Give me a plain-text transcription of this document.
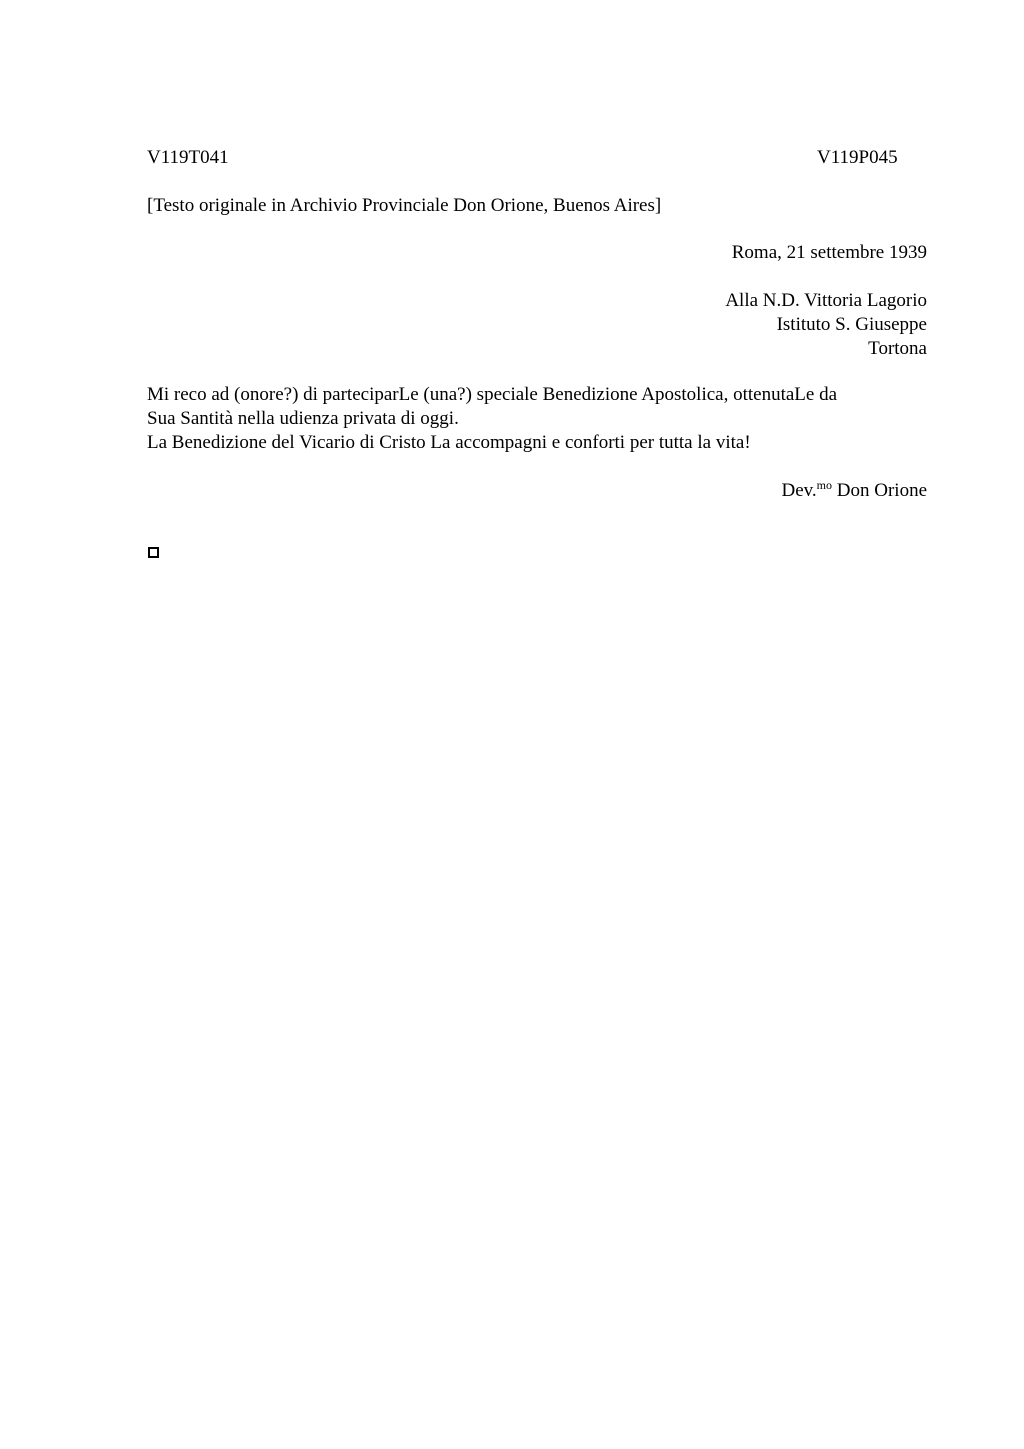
V119T041	V119P045
[Testo originale in Archivio Provinciale Don Orione, Buenos Aires]
Roma, 21 settembre 1939
Alla N.D. Vittoria Lagorio
Istituto S. Giuseppe
Tortona
Mi reco ad (onore?) di parteciparLe (una?) speciale Benedizione Apostolica, ottenutaLe da
Sua Santità nella udienza privata di oggi.
La Benedizione del Vicario di Cristo La accompagni e conforti per tutta la vita!
Dev.$^{mo}$ Don Orione
